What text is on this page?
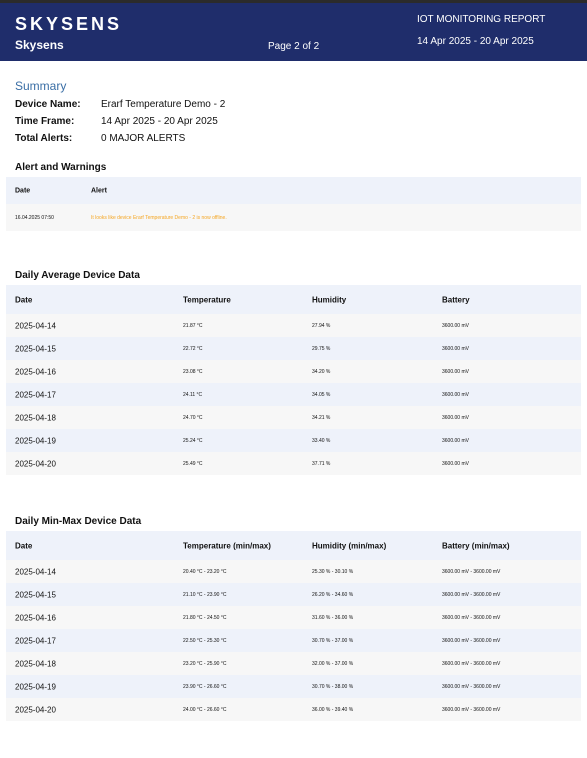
SKYSENS
Skysens	Page 2 of 2
IOT MONITORING REPORT
14 Apr 2025 - 20 Apr 2025
Summary
Device Name: Erarf Temperature Demo - 2
Time Frame:	14 Apr 2025 - 20 Apr 2025
Total Alerts:	0 MAJOR ALERTS
Alert and Warnings
Date	Alert
16.04.2025 07:50	It looks like device Erarf Temperature Demo - 2 is now offline.
Daily Average Device Data
Date	Temperature	Humidity	Battery
2025-04-14	21.87 °C	27.94 %	3600.00 mV
2025-04-15	22.72 °C	29.75 %	3600.00 mV
2025-04-16	23.08 °C	34.20 %	3600.00 mV
2025-04-17	24.11 °C	34.05 %	3600.00 mV
2025-04-18	24.70 °C	34.21 %	3600.00 mV
2025-04-19	25.24 °C	33.40 %	3600.00 mV
2025-04-20	25.49 °C	37.71 %	3600.00 mV
Daily Min-Max Device Data
Date	Temperature (min/max)	Humidity (min/max)	Battery (min/max)
2025-04-14	20.40 °C - 23.20 °C	25.30 % - 30.10 %	3600.00 mV - 3600.00 mV
2025-04-15	21.10 °C - 23.90 °C	26.20 % - 34.60 %	3600.00 mV - 3600.00 mV
2025-04-16	21.80 °C - 24.50 °C	31.60 % - 36.00 %	3600.00 mV - 3600.00 mV
2025-04-17	22.50 °C - 25.30 °C	30.70 % - 37.00 %	3600.00 mV - 3600.00 mV
2025-04-18	23.20 °C - 25.90 °C	32.00 % - 37.00 %	3600.00 mV - 3600.00 mV
2025-04-19	23.90 °C - 26.60 °C	30.70 % - 38.00 %	3600.00 mV - 3600.00 mV
2025-04-20	24.00 °C - 26.60 °C	36.00 % - 39.40 %	3600.00 mV - 3600.00 mV
